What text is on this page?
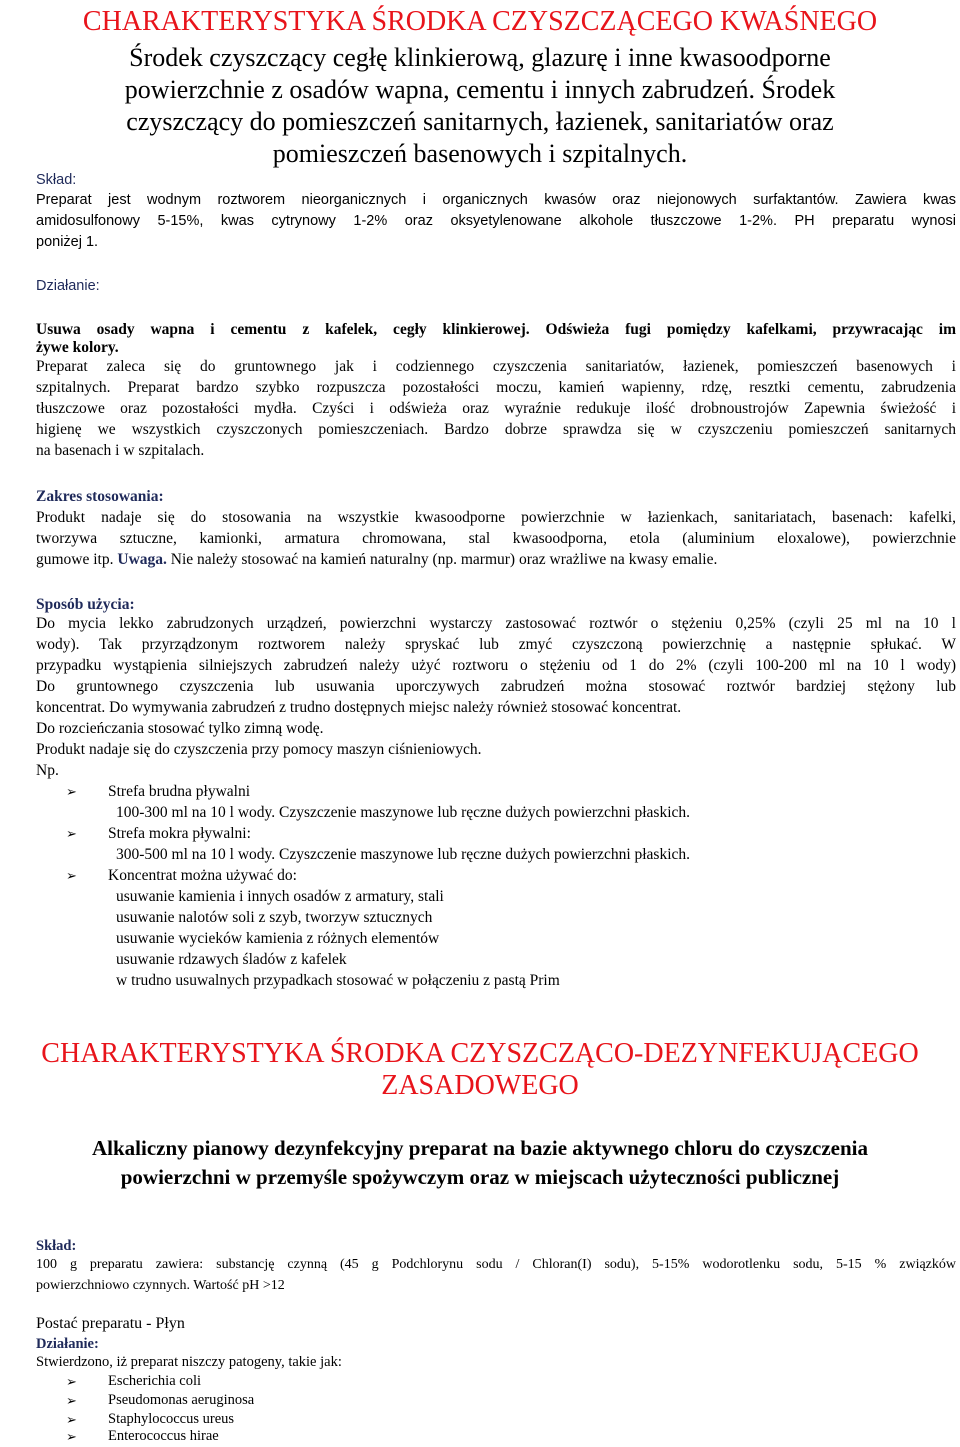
CHARAKTERYSTYKA ŚRODKA CZYSZCZĄCEGO KWAŚNEGO
Środek czyszczący cegłę klinkierową, glazurę i inne kwasoodporne
powierzchnie z osadów wapna, cementu i innych zabrudzeń. Środek
czyszczący do pomieszczeń sanitarnych, łazienek, sanitariatów oraz
pomieszczeń basenowych i szpitalnych.
Skład:
Preparat jest wodnym roztworem nieorganicznych i organicznych kwasów oraz niejonowych surfaktantów. Zawiera kwas
amidosulfonowy 5-15%, kwas cytrynowy 1-2% oraz oksyetylenowane alkohole tłuszczowe 1-2%. PH preparatu wynosi
poniżej 1.
Działanie:
Usuwa osady wapna i cementu z kafelek, cegły klinkierowej. Odświeża fugi pomiędzy kafelkami, przywracając im
żywe kolory.
Preparat zaleca się do gruntownego jak i codziennego czyszczenia sanitariatów, łazienek, pomieszczeń basenowych i
szpitalnych. Preparat bardzo szybko rozpuszcza pozostałości moczu, kamień wapienny, rdzę, resztki cementu, zabrudzenia
tłuszczowe oraz pozostałości mydła. Czyści i odświeża oraz wyraźnie redukuje ilość drobnoustrojów Zapewnia świeżość i
higienę we wszystkich czyszczonych pomieszczeniach. Bardzo dobrze sprawdza się w czyszczeniu pomieszczeń sanitarnych
na basenach i w szpitalach.
Zakres stosowania:
Produkt nadaje się do stosowania na wszystkie kwasoodporne powierzchnie w łazienkach, sanitariatach, basenach: kafelki,
tworzywa sztuczne, kamionki, armatura chromowana, stal kwasoodporna, etola (aluminium eloxalowe), powierzchnie
gumowe itp. Uwaga. Nie należy stosować na kamień naturalny (np. marmur) oraz wrażliwe na kwasy emalie.
Sposób użycia:
Do mycia lekko zabrudzonych urządzeń, powierzchni wystarczy zastosować roztwór o stężeniu 0,25% (czyli 25 ml na 10 l
wody). Tak przyrządzonym roztworem należy spryskać lub zmyć czyszczoną powierzchnię a następnie spłukać. W
przypadku wystąpienia silniejszych zabrudzeń należy użyć roztworu o stężeniu od 1 do 2% (czyli 100-200 ml na 10 l wody)
Do gruntownego czyszczenia lub usuwania uporczywych zabrudzeń można stosować roztwór bardziej stężony lub
koncentrat. Do wymywania zabrudzeń z trudno dostępnych miejsc należy również stosować koncentrat.
Do rozcieńczania stosować tylko zimną wodę.
Produkt nadaje się do czyszczenia przy pomocy maszyn ciśnieniowych.
Np.
➢	Strefa brudna pływalni
100-300 ml na 10 l wody. Czyszczenie maszynowe lub ręczne dużych powierzchni płaskich.
➢	Strefa mokra pływalni:
300-500 ml na 10 l wody. Czyszczenie maszynowe lub ręczne dużych powierzchni płaskich.
➢	Koncentrat można używać do:
usuwanie kamienia i innych osadów z armatury, stali
usuwanie nalotów soli z szyb, tworzyw sztucznych
usuwanie wycieków kamienia z różnych elementów
usuwanie rdzawych śladów z kafelek
w trudno usuwalnych przypadkach stosować w połączeniu z pastą Prim
CHARAKTERYSTYKA ŚRODKA CZYSZCZĄCO-DEZYNFEKUJĄCEGO
ZASADOWEGO
Alkaliczny pianowy dezynfekcyjny preparat na bazie aktywnego chloru do czyszczenia
powierzchni w przemyśle spożywczym oraz w miejscach użyteczności publicznej
Skład:
100 g preparatu zawiera: substancję czynną (45 g Podchlorynu sodu / Chloran(I) sodu), 5-15% wodorotlenku sodu, 5-15 % związków
powierzchniowo czynnych. Wartość pH >12
Postać preparatu - Płyn
Działanie:
Stwierdzono, iż preparat niszczy patogeny, takie jak:
➢	Escherichia coli
➢	Pseudomonas aeruginosa
➢	Staphylococcus ureus
➢	Enterococcus hirae
